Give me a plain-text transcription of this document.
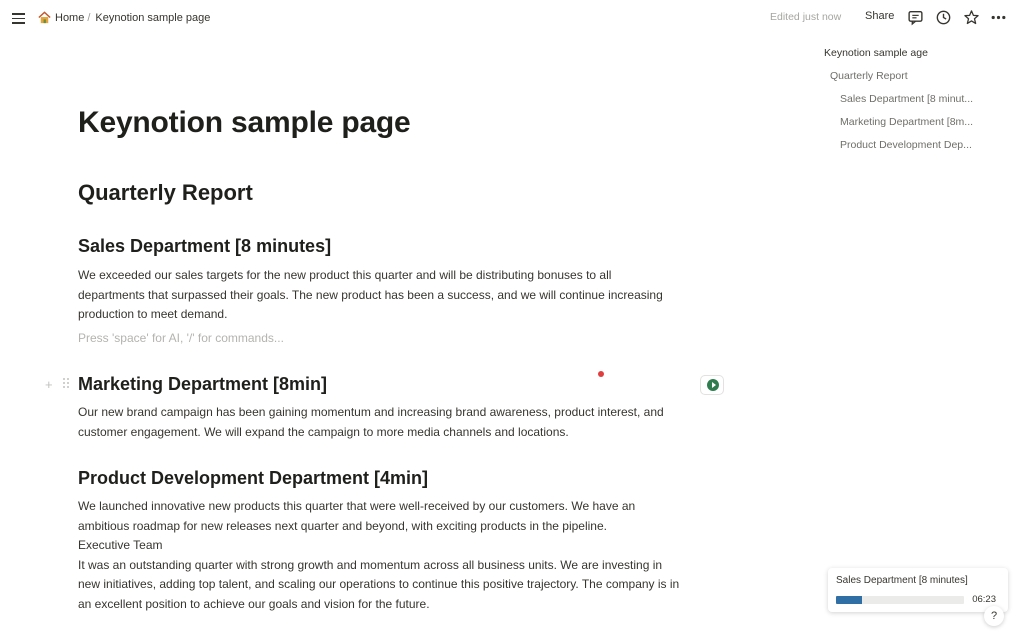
Home / Keynotion sample page	Edited just now Share
Keynotion sample age
Quarterly Report
Sales Department [8 minut...
Marketing Department [8m...
Product Development Dep...
Keynotion sample page
Quarterly Report
Sales Department [8 minutes]
We exceeded our sales targets for the new product this quarter and will be distributing bonuses to all
departments that surpassed their goals. The new product has been a success, and we will continue increasing
production to meet demand.
Press 'space' for AI, '/' for commands...
Marketing Department [8min]
Our new brand campaign has been gaining momentum and increasing brand awareness, product interest, and
customer engagement. We will expand the campaign to more media channels and locations.
Product Development Department [4min]
We launched innovative new products this quarter that were well-received by our customers. We have an
ambitious roadmap for new releases next quarter and beyond, with exciting products in the pipeline.
Executive Team
It was an outstanding quarter with strong growth and momentum across all business units. We are investing in
new initiatives, adding top talent, and scaling our operations to continue this positive trajectory. The company is in
an excellent position to achieve our goals and vision for the future.
+
Sales Department [8 minutes]
06:23
?
